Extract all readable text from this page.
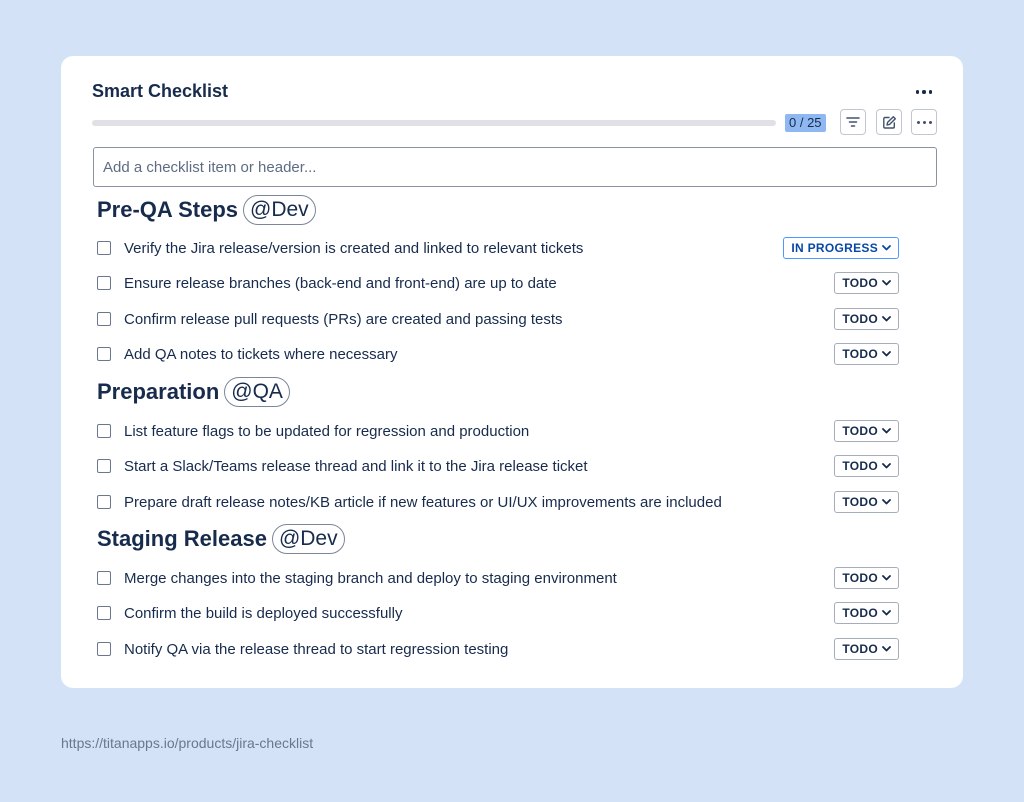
Smart Checklist
0 / 25
Add a checklist item or header...
Pre-QA Steps @Dev
Verify the Jira release/version is created and linked to relevant tickets	IN PROGRESS
Ensure release branches (back-end and front-end) are up to date	TODO
Confirm release pull requests (PRs) are created and passing tests	TODO
Add QA notes to tickets where necessary	TODO
Preparation @QA
List feature flags to be updated for regression and production	TODO
Start a Slack/Teams release thread and link it to the Jira release ticket	TODO
Prepare draft release notes/KB article if new features or UI/UX improvements are included	TODO
Staging Release @Dev
Merge changes into the staging branch and deploy to staging environment	TODO
Confirm the build is deployed successfully	TODO
Notify QA via the release thread to start regression testing	TODO
https://titanapps.io/products/jira-checklist
